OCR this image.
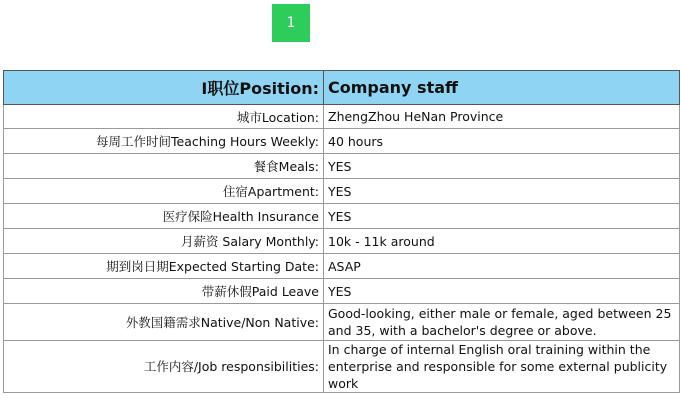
1
I职位Position:	Company staff
城市Location:	ZhengZhou HeNan Province
每周工作时间Teaching Hours Weekly:	40 hours
餐食Meals:	YES
住宿Apartment:	YES
医疗保险Health Insurance	YES
月薪资 Salary Monthly:	10k - 11k around
期到岗日期Expected Starting Date:	ASAP
带薪休假Paid Leave	YES
外教国籍需求Native/Non Native:	Good-looking, either male or female, aged between 25 and 35, with a bachelor's degree or above.
工作内容/Job responsibilities:	In charge of internal English oral training within the enterprise and responsible for some external publicity work
